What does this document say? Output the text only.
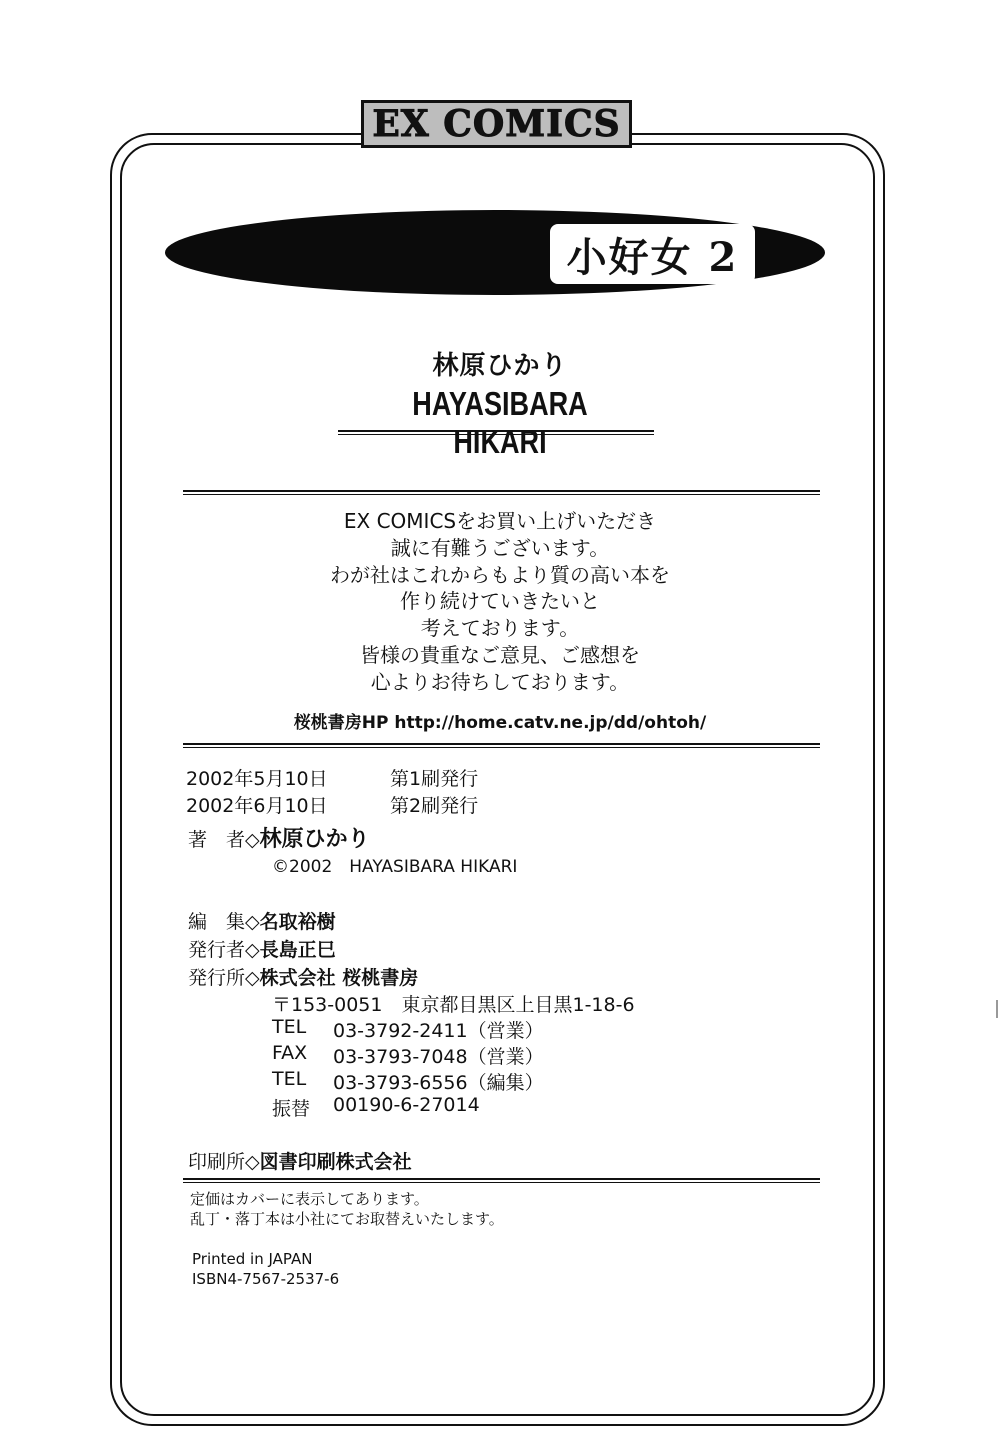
EX COMICS
小好女 2
林原ひかり
HAYASIBARA HIKARI
EX COMICSをお買い上げいただき
誠に有難うございます。
わが社はこれからもより質の高い本を
作り続けていきたいと
考えております。
皆様の貴重なご意見、ご感想を
心よりお待ちしております。
桜桃書房HP http://home.catv.ne.jp/dd/ohtoh/
2002年5月10日	第1刷発行
2002年6月10日	第2刷発行
著　者◇林原ひかり
©2002　HAYASIBARA HIKARI
編　集◇名取裕樹
発行者◇長島正巳
発行所◇株式会社 桜桃書房
〒153-0051　東京都目黒区上目黒1-18-6
TEL 03-3792-2411（営業）
FAX 03-3793-7048（営業）
TEL 03-3793-6556（編集）
振替 00190-6-27014
印刷所◇図書印刷株式会社
定価はカバーに表示してあります。
乱丁・落丁本は小社にてお取替えいたします。
Printed in JAPAN
ISBN4-7567-2537-6
